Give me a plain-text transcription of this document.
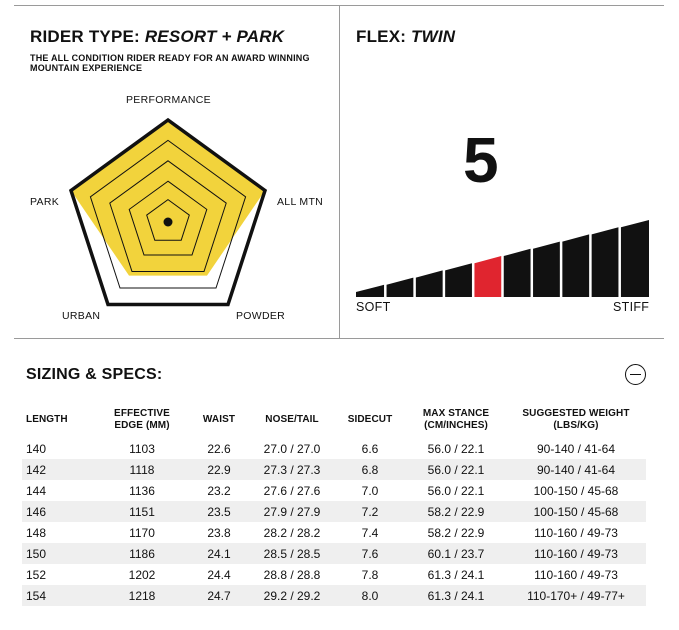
RIDER TYPE: RESORT + PARK
THE ALL CONDITION RIDER READY FOR AN AWARD WINNING MOUNTAIN EXPERIENCE
PERFORMANCE
ALL MTN
POWDER
URBAN
PARK
FLEX: TWIN
5
SOFT	STIFF
SIZING & SPECS:
LENGTH	EFFECTIVE EDGE (MM)	WAIST	NOSE/TAIL	SIDECUT	MAX STANCE (CM/INCHES)	SUGGESTED WEIGHT (LBS/KG)
140	1103	22.6	27.0 / 27.0	6.6	56.0 / 22.1	90-140 / 41-64
142	1118	22.9	27.3 / 27.3	6.8	56.0 / 22.1	90-140 / 41-64
144	1136	23.2	27.6 / 27.6	7.0	56.0 / 22.1	100-150 / 45-68
146	1151	23.5	27.9 / 27.9	7.2	58.2 / 22.9	100-150 / 45-68
148	1170	23.8	28.2 / 28.2	7.4	58.2 / 22.9	110-160 / 49-73
150	1186	24.1	28.5 / 28.5	7.6	60.1 / 23.7	110-160 / 49-73
152	1202	24.4	28.8 / 28.8	7.8	61.3 / 24.1	110-160 / 49-73
154	1218	24.7	29.2 / 29.2	8.0	61.3 / 24.1	110-170+ / 49-77+
